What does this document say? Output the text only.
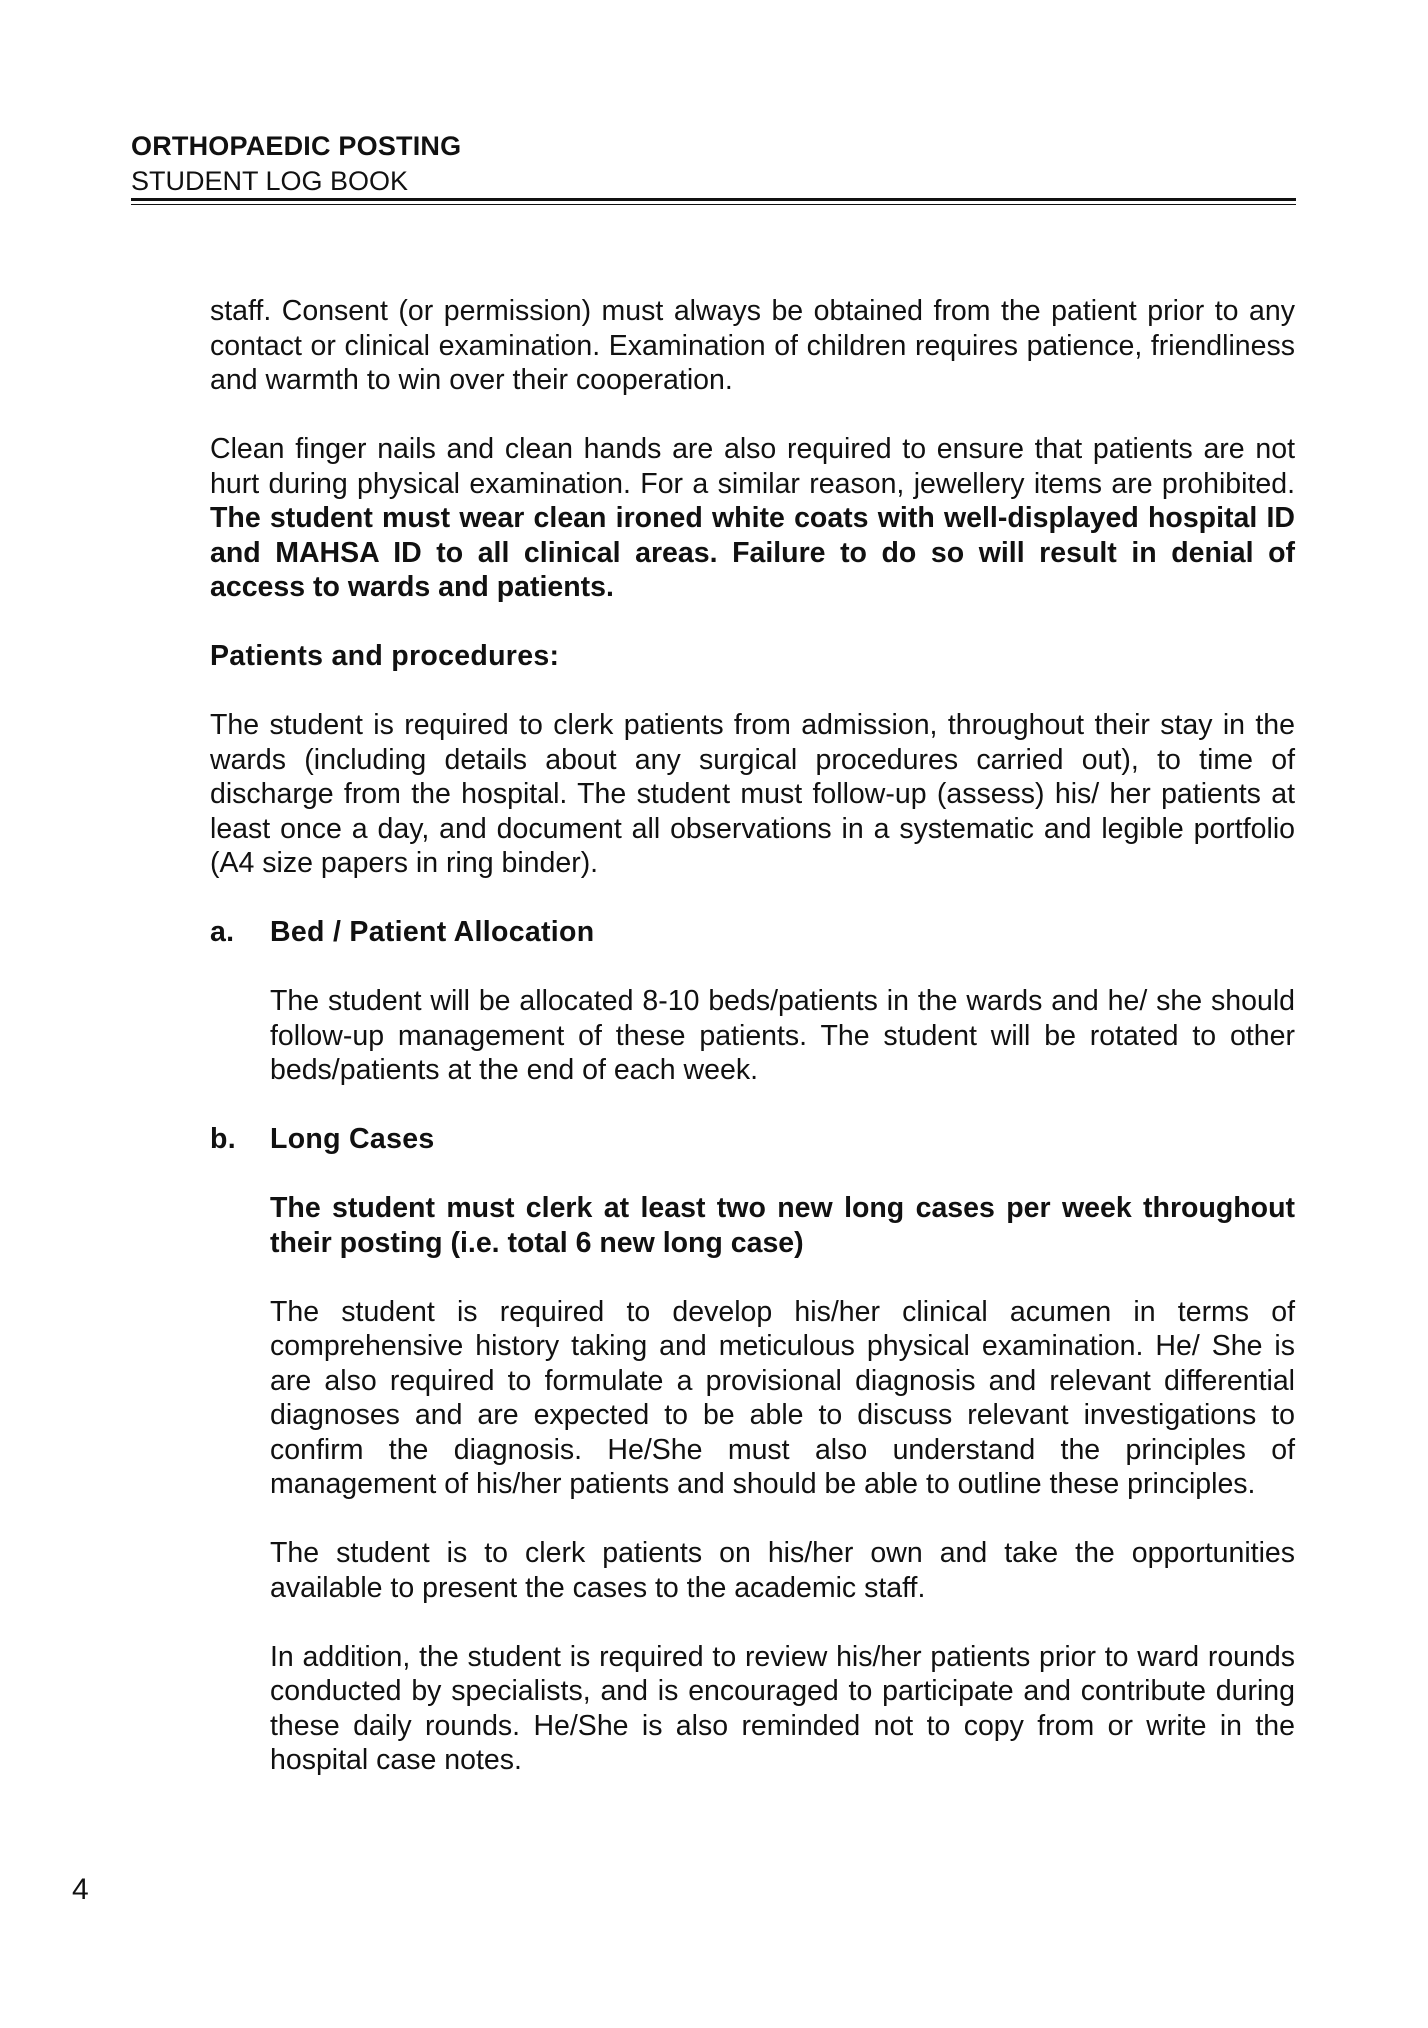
ORTHOPAEDIC POSTING
STUDENT LOG BOOK

staff. Consent (or permission) must always be obtained from the patient prior to any contact or clinical examination. Examination of children requires patience, friendliness and warmth to win over their cooperation.

Clean finger nails and clean hands are also required to ensure that patients are not hurt during physical examination. For a similar reason, jewellery items are prohibited. The student must wear clean ironed white coats with well-displayed hospital ID and MAHSA ID to all clinical areas. Failure to do so will result in denial of access to wards and patients.

Patients and procedures:

The student is required to clerk patients from admission, throughout their stay in the wards (including details about any surgical procedures carried out), to time of discharge from the hospital. The student must follow-up (assess) his/ her patients at least once a day, and document all observations in a systematic and legible portfolio (A4 size papers in ring binder).

a.	Bed / Patient Allocation

The student will be allocated 8-10 beds/patients in the wards and he/ she should follow-up management of these patients. The student will be rotated to other beds/patients at the end of each week.

b.	Long Cases

The student must clerk at least two new long cases per week throughout their posting (i.e. total 6 new long case)

The student is required to develop his/her clinical acumen in terms of comprehensive history taking and meticulous physical examination. He/ She is are also required to formulate a provisional diagnosis and relevant differential diagnoses and are expected to be able to discuss relevant investigations to confirm the diagnosis. He/She must also understand the principles of management of his/her patients and should be able to outline these principles.

The student is to clerk patients on his/her own and take the opportunities available to present the cases to the academic staff.

In addition, the student is required to review his/her patients prior to ward rounds conducted by specialists, and is encouraged to participate and contribute during these daily rounds. He/She is also reminded not to copy from or write in the hospital case notes.

4
